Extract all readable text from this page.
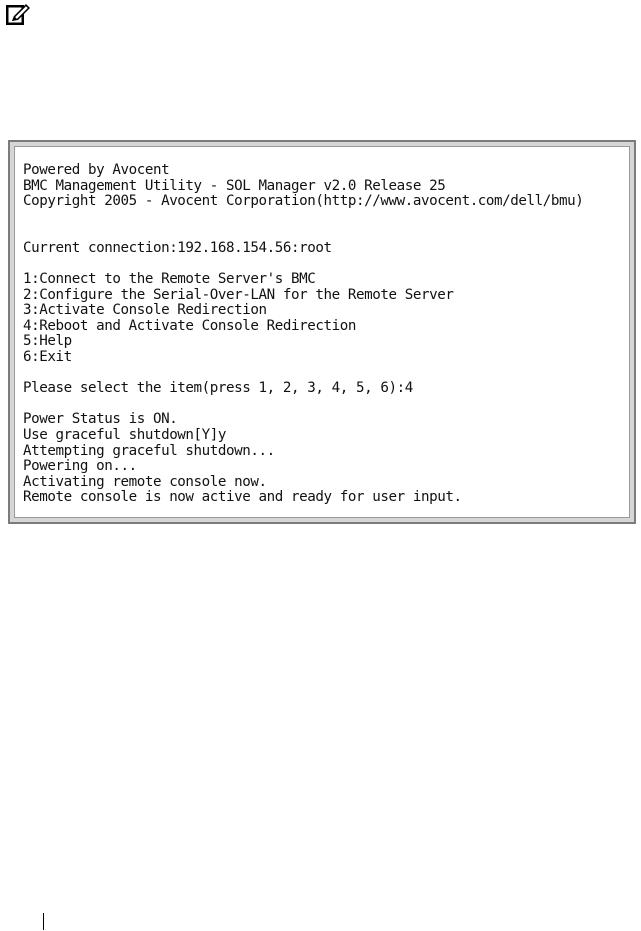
Powered by Avocent
BMC Management Utility - SOL Manager v2.0 Release 25
Copyright 2005 - Avocent Corporation(http://www.avocent.com/dell/bmu)
Current connection:192.168.154.56:root
1:Connect to the Remote Server's BMC
2:Configure the Serial-Over-LAN for the Remote Server
3:Activate Console Redirection
4:Reboot and Activate Console Redirection
5:Help
6:Exit
Please select the item(press 1, 2, 3, 4, 5, 6):4
Power Status is ON.
Use graceful shutdown[Y]y
Attempting graceful shutdown...
Powering on...
Activating remote console now.
Remote console is now active and ready for user input.
